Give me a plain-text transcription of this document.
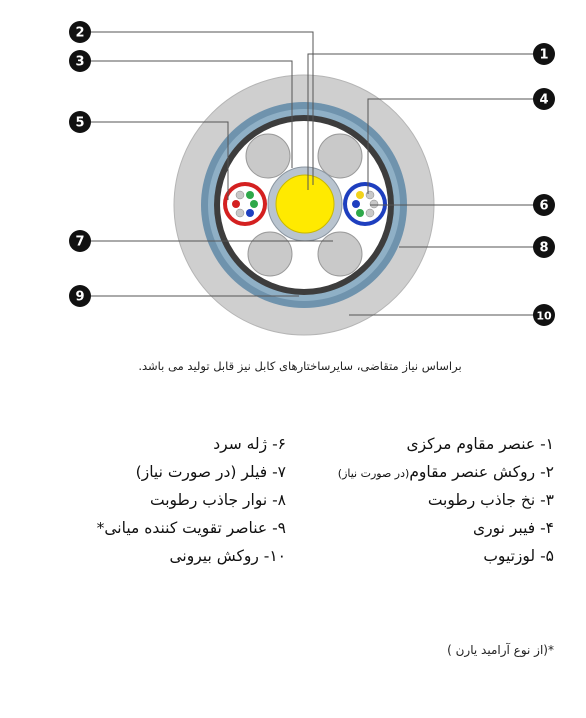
1
2
3
4
5
6
7	8
9
10
براساس نیاز متقاضی، سایرساختارهای کابل نیز قابل تولید می باشد.
۱- عنصر مقاوم مرکزی
۲- روکش عنصر مقاوم(در صورت نیاز)
۳- نخ جاذب رطوبت
۴- فیبر نوری
۵- لوزتیوب
۶- ژله سرد
۷- فیلر (در صورت نیاز)
۸- نوار جاذب رطوبت
۹- عناصر تقویت کننده میانی*
۱۰- روکش بیرونی
*(از نوع آرامید یارن )
